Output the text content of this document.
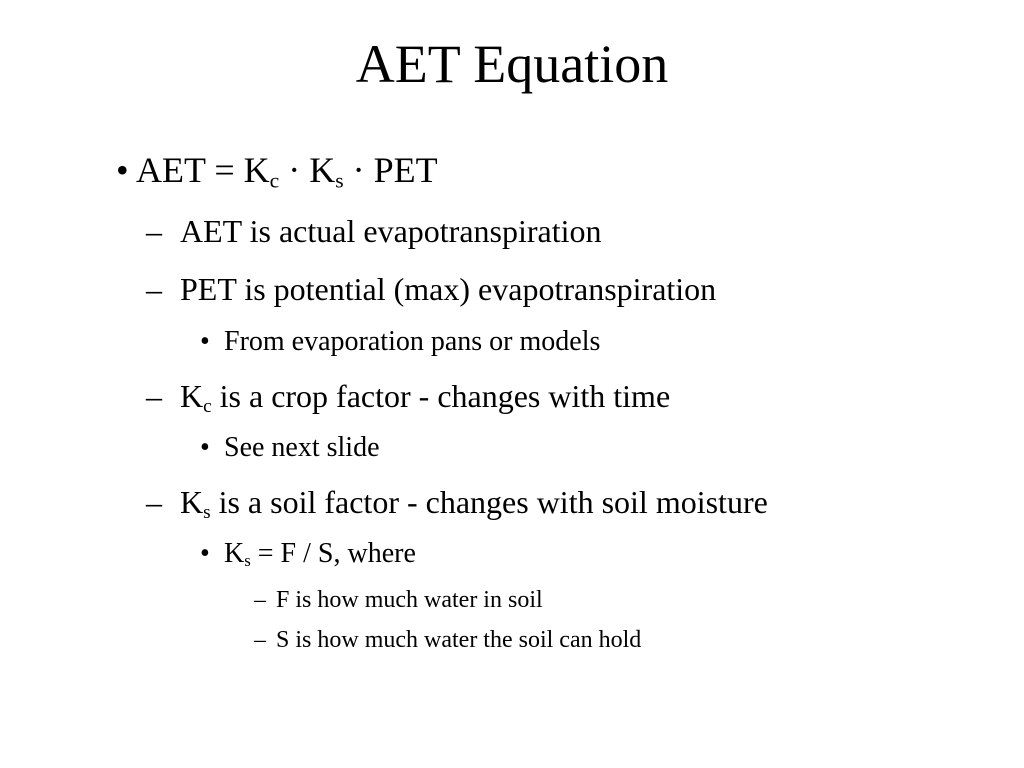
AET Equation
• AET = $K_c \cdot K_s$ · PET
– AET is actual evapotranspiration
– PET is potential (max) evapotranspiration
• From evaporation pans or models
– $K_c$ is a crop factor - changes with time
• See next slide
– $K_s$ is a soil factor - changes with soil moisture
• $K_s = F / S$, where
– F is how much water in soil
– S is how much water the soil can hold
